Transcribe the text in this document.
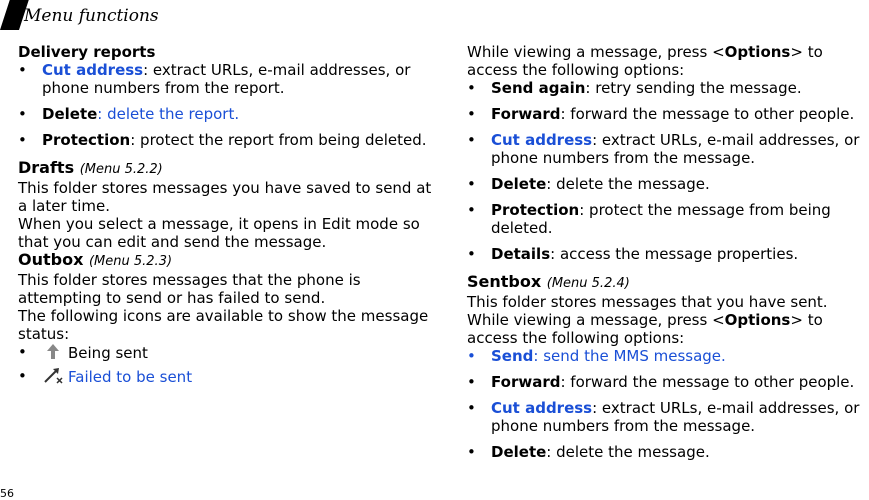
Menu functions

Delivery reports

• Cut address: extract URLs, e-mail addresses, or phone numbers from the report.
• Delete: delete the report.
• Protection: protect the report from being deleted.

Drafts (Menu 5.2.2)

This folder stores messages you have saved to send at a later time.

When you select a message, it opens in Edit mode so that you can edit and send the message.

Outbox (Menu 5.2.3)

This folder stores messages that the phone is attempting to send or has failed to send.

The following icons are available to show the message status:

• Being sent
• Failed to be sent

While viewing a message, press <Options> to access the following options:

• Send again: retry sending the message.
• Forward: forward the message to other people.
• Cut address: extract URLs, e-mail addresses, or phone numbers from the message.
• Delete: delete the message.
• Protection: protect the message from being deleted.
• Details: access the message properties.

Sentbox (Menu 5.2.4)

This folder stores messages that you have sent.

While viewing a message, press <Options> to access the following options:

• Send: send the MMS message.
• Forward: forward the message to other people.
• Cut address: extract URLs, e-mail addresses, or phone numbers from the message.
• Delete: delete the message.
56
